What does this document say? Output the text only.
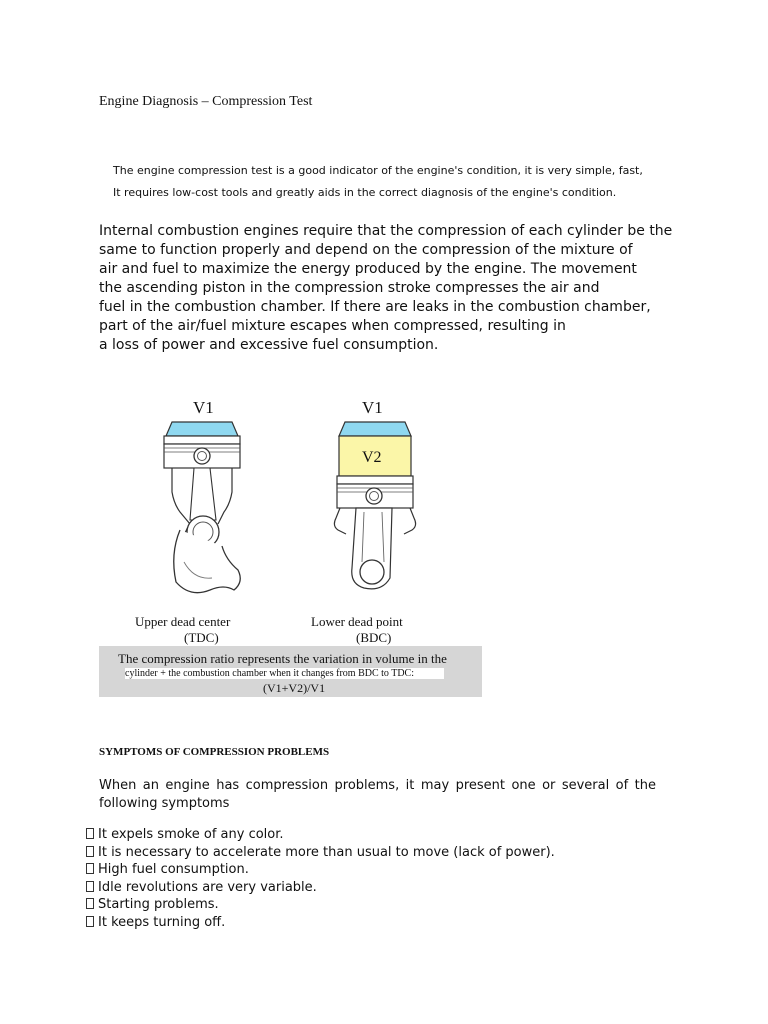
Engine Diagnosis – Compression Test
The engine compression test is a good indicator of the engine's condition, it is very simple, fast,
It requires low-cost tools and greatly aids in the correct diagnosis of the engine's condition.
Internal combustion engines require that the compression of each cylinder be the
same to function properly and depend on the compression of the mixture of
air and fuel to maximize the energy produced by the engine. The movement
the ascending piston in the compression stroke compresses the air and
fuel in the combustion chamber. If there are leaks in the combustion chamber,
part of the air/fuel mixture escapes when compressed, resulting in
a loss of power and excessive fuel consumption.
V1	V1
V2
Upper dead center
(TDC)
Lower dead point
(BDC)
The compression ratio represents the variation in volume in the
cylinder + the combustion chamber when it changes from BDC to TDC:
(V1+V2)/V1
SYMPTOMS OF COMPRESSION PROBLEMS
When an engine has compression problems, it may present one or several of the following symptoms
It expels smoke of any color.
It is necessary to accelerate more than usual to move (lack of power).
High fuel consumption.
Idle revolutions are very variable.
Starting problems.
It keeps turning off.
